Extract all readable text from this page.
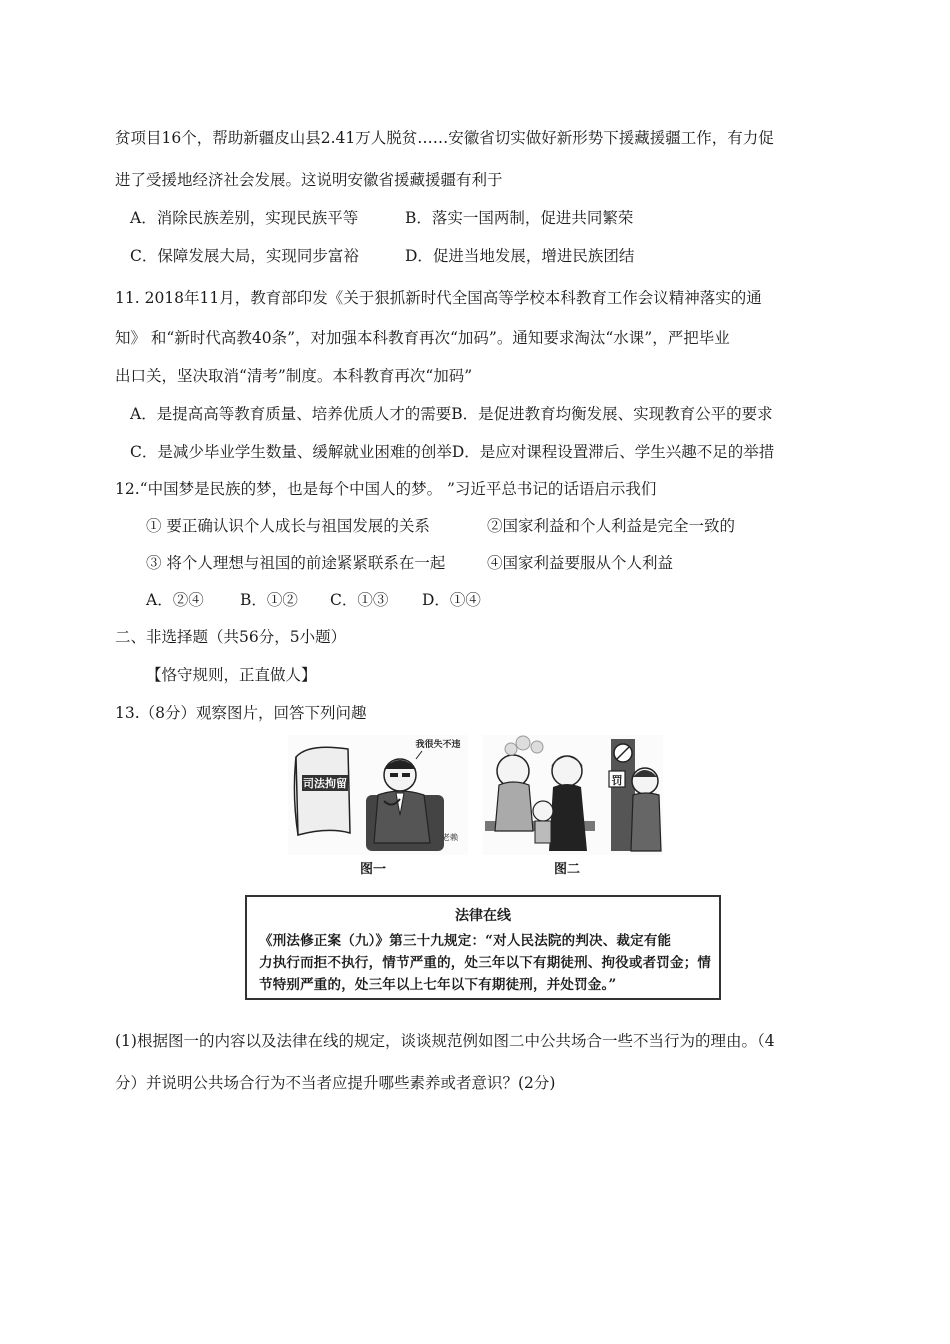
贫项目16个，帮助新疆皮山县2.41万人脱贫……安徽省切实做好新形势下援藏援疆工作，有力促
进了受援地经济社会发展。这说明安徽省援藏援疆有利于
A．消除民族差别，实现民族平等	B．落实一国两制，促进共同繁荣
C．保障发展大局，实现同步富裕	D．促进当地发展，增进民族团结
11. 2018年11月，教育部印发《关于狠抓新时代全国高等学校本科教育工作会议精神落实的通
知》 和“新时代高教40条”，对加强本科教育再次“加码”。通知要求淘汰“水课”，严把毕业
出口关，坚决取消“清考”制度。本科教育再次“加码”
A．是提高高等教育质量、培养优质人才的需要B．是促进教育均衡发展、实现教育公平的要求
C．是减少毕业学生数量、缓解就业困难的创举D．是应对课程设置滞后、学生兴趣不足的举措
12.“中国梦是民族的梦，也是每个中国人的梦。 ”习近平总书记的话语启示我们
① 要正确认识个人成长与祖国发展的关系	②国家利益和个人利益是完全一致的
③ 将个人理想与祖国的前途紧紧联系在一起	④国家利益要服从个人利益
A．②④ B．①② C．①③ D．①④
二、非选择题（共56分，5小题）
【恪守规则，正直做人】
13.（8分）观察图片，回答下列问趣
司法拘留
我很失不违
老赖
图一
罚
图二
法律在线
《刑法修正案（九）》第三十九规定：“对人民法院的判决、裁定有能
力执行而拒不执行，情节严重的，处三年以下有期徒刑、拘役或者罚金；情
节特别严重的，处三年以上七年以下有期徒刑，并处罚金。”
(1)根据图一的内容以及法律在线的规定，谈谈规范例如图二中公共场合一些不当行为的理由。（4
分）并说明公共场合行为不当者应提升哪些素养或者意识？(2分)
